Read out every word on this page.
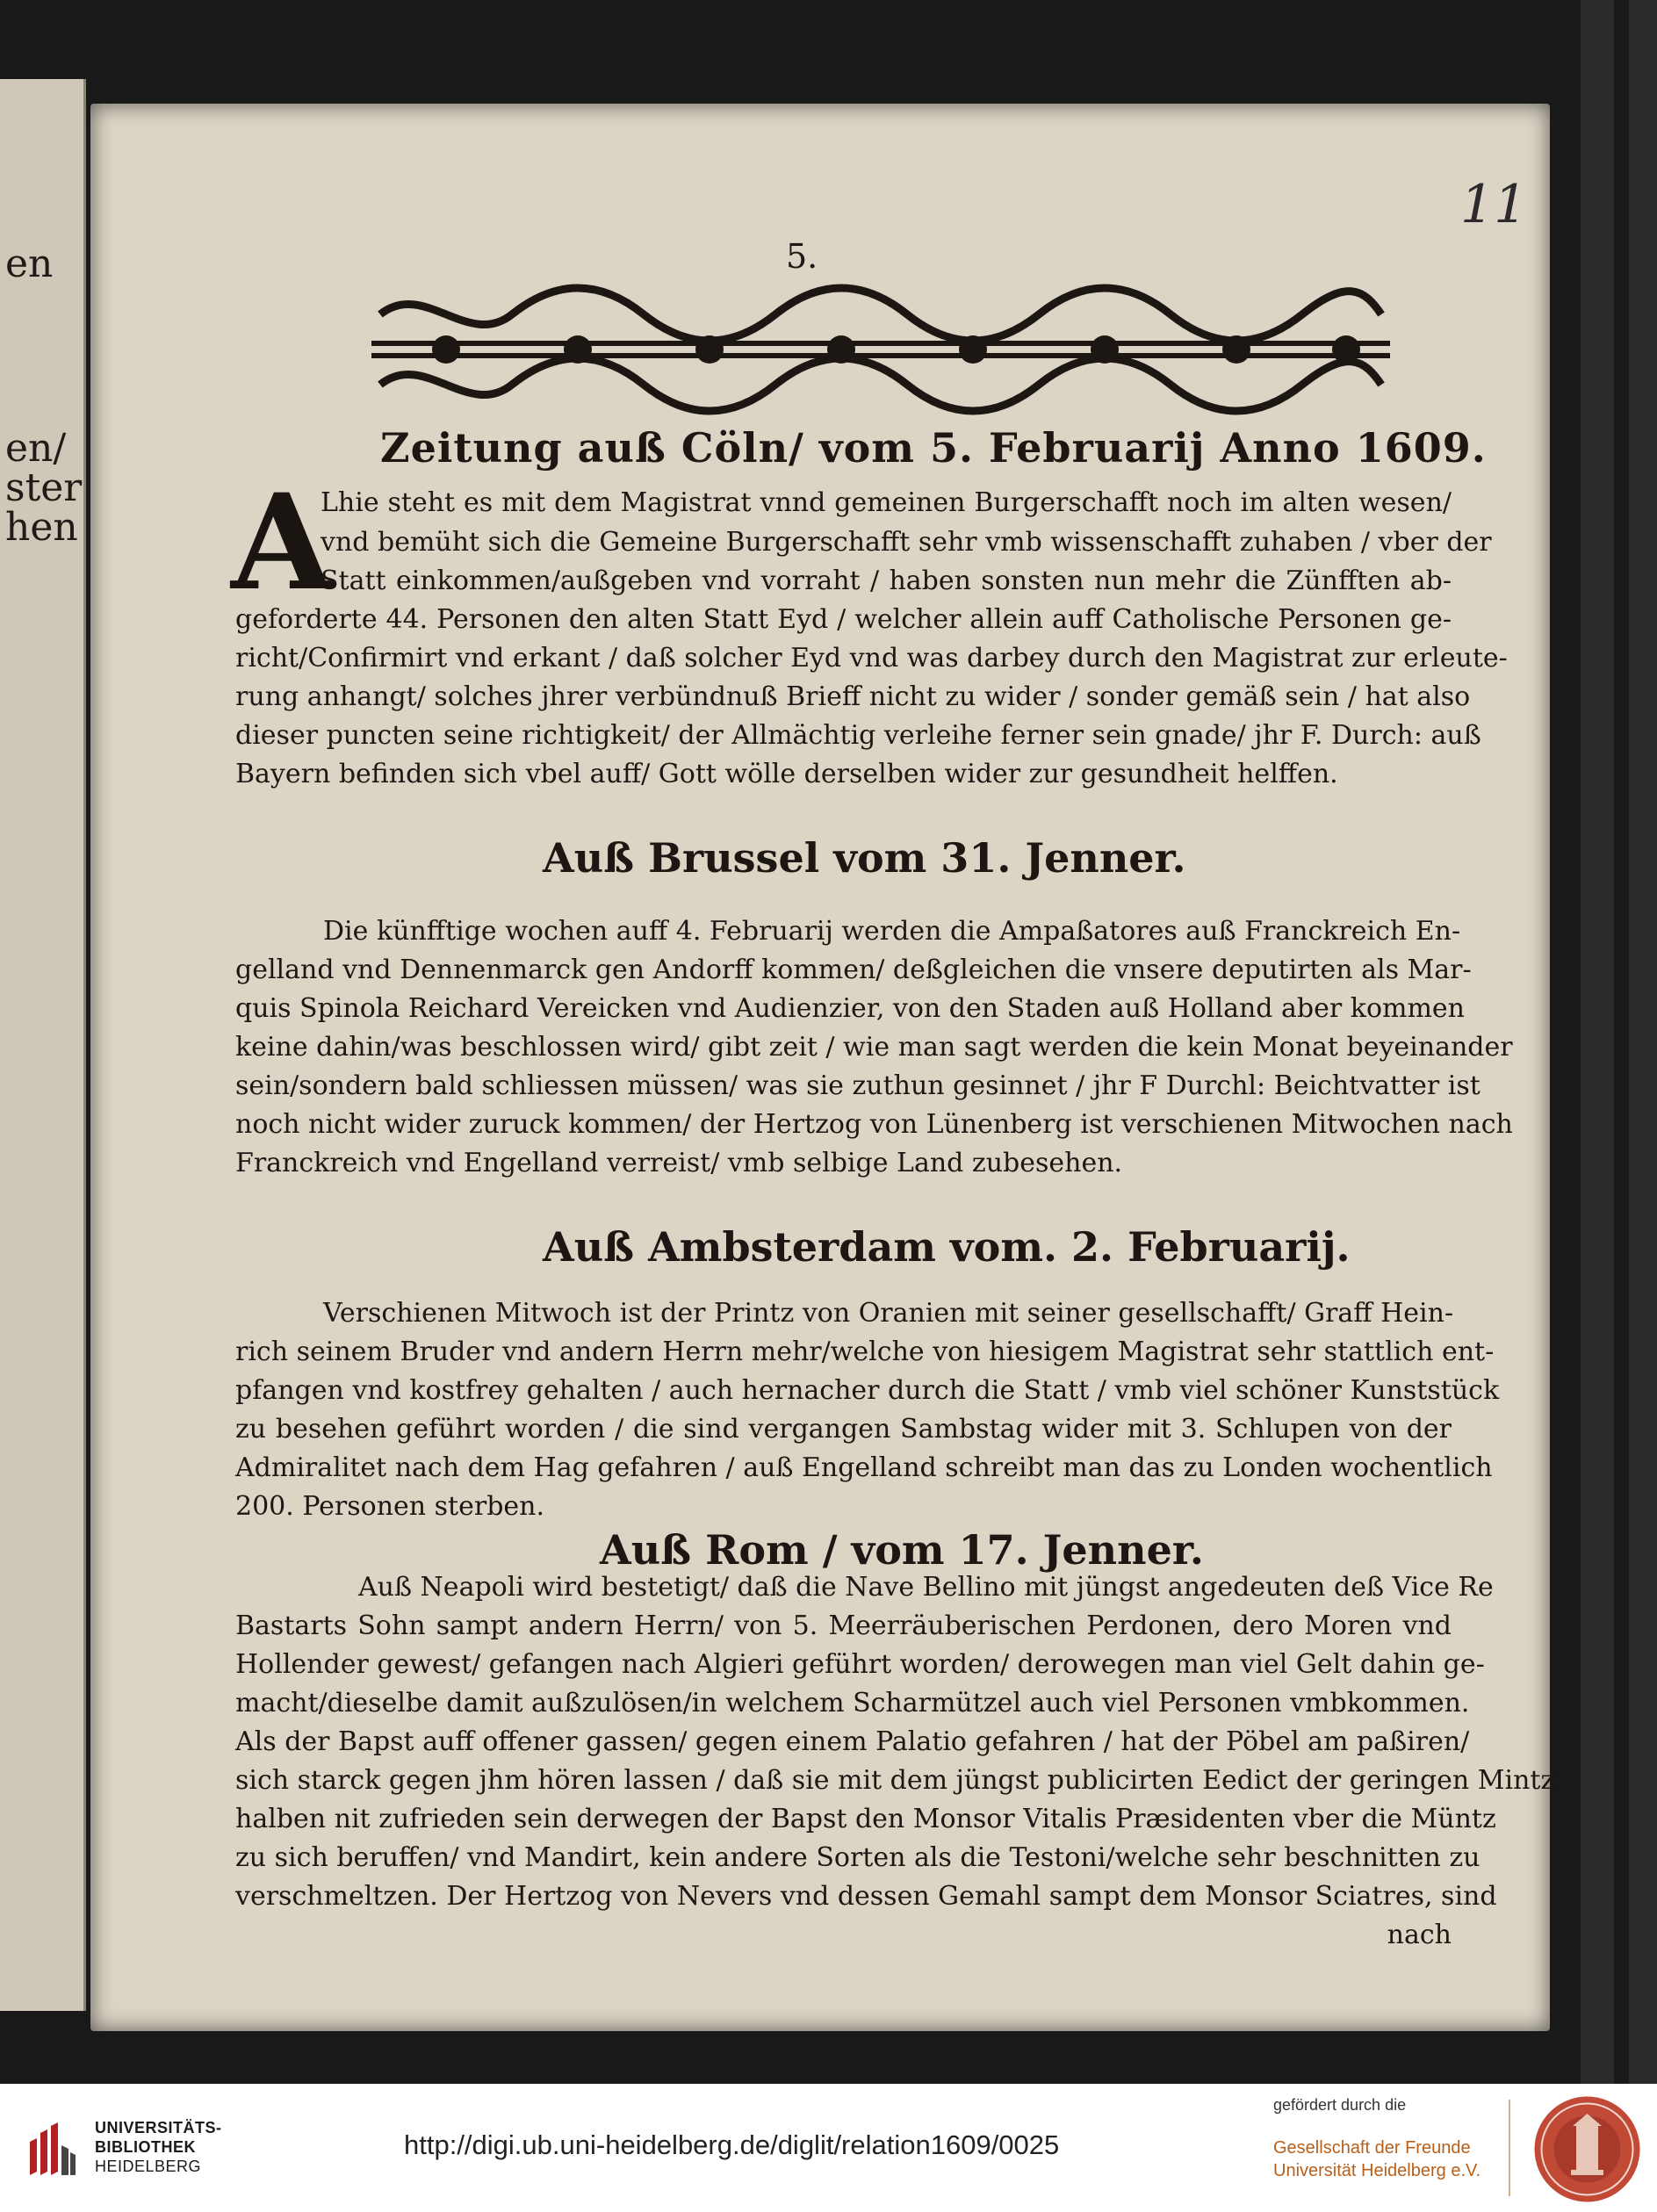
en
en/
ster
hen
11
5.
Zeitung auß Cöln/ vom 5. Februarij Anno 1609.
A
Lhie steht es mit dem Magistrat vnnd gemeinen Burgerschafft noch im alten wesen/
vnd bemüht sich die Gemeine Burgerschafft sehr vmb wissenschafft zuhaben / vber der
Statt einkommen/außgeben vnd vorraht / haben sonsten nun mehr die Zünfften ab-
geforderte 44. Personen den alten Statt Eyd / welcher allein auff Catholische Personen ge-
richt/Confirmirt vnd erkant / daß solcher Eyd vnd was darbey durch den Magistrat zur erleute-
rung anhangt/ solches jhrer verbündnuß Brieff nicht zu wider / sonder gemäß sein / hat also
dieser puncten seine richtigkeit/ der Allmächtig verleihe ferner sein gnade/ jhr F. Durch: auß
Bayern befinden sich vbel auff/ Gott wölle derselben wider zur gesundheit helffen.
Auß Brussel vom 31. Jenner.
Die künfftige wochen auff 4. Februarij werden die Ampaßatores auß Franckreich En-
gelland vnd Dennenmarck gen Andorff kommen/ deßgleichen die vnsere deputirten als Mar-
quis Spinola Reichard Vereicken vnd Audienzier, von den Staden auß Holland aber kommen
keine dahin/was beschlossen wird/ gibt zeit / wie man sagt werden die kein Monat beyeinander
sein/sondern bald schliessen müssen/ was sie zuthun gesinnet / jhr F Durchl: Beichtvatter ist
noch nicht wider zuruck kommen/ der Hertzog von Lünenberg ist verschienen Mitwochen nach
Franckreich vnd Engelland verreist/ vmb selbige Land zubesehen.
Auß Ambsterdam vom. 2. Februarij.
Verschienen Mitwoch ist der Printz von Oranien mit seiner gesellschafft/ Graff Hein-
rich seinem Bruder vnd andern Herrn mehr/welche von hiesigem Magistrat sehr stattlich ent-
pfangen vnd kostfrey gehalten / auch hernacher durch die Statt / vmb viel schöner Kunststück
zu besehen geführt worden / die sind vergangen Sambstag wider mit 3. Schlupen von der
Admiralitet nach dem Hag gefahren / auß Engelland schreibt man das zu Londen wochentlich
200. Personen sterben.
Auß Rom / vom 17. Jenner.
Auß Neapoli wird bestetigt/ daß die Nave Bellino mit jüngst angedeuten deß Vice Re
Bastarts Sohn sampt andern Herrn/ von 5. Meerräuberischen Perdonen, dero Moren vnd
Hollender gewest/ gefangen nach Algieri geführt worden/ derowegen man viel Gelt dahin ge-
macht/dieselbe damit außzulösen/in welchem Scharmützel auch viel Personen vmbkommen.
Als der Bapst auff offener gassen/ gegen einem Palatio gefahren / hat der Pöbel am paßiren/
sich starck gegen jhm hören lassen / daß sie mit dem jüngst publicirten Eedict der geringen Mintz
halben nit zufrieden sein derwegen der Bapst den Monsor Vitalis Præsidenten vber die Müntz
zu sich beruffen/ vnd Mandirt, kein andere Sorten als die Testoni/welche sehr beschnitten zu
verschmeltzen. Der Hertzog von Nevers vnd dessen Gemahl sampt dem Monsor Sciatres, sind
nach
UNIVERSITÄTS-
BIBLIOTHEK
HEIDELBERG
http://digi.ub.uni-heidelberg.de/diglit/relation1609/0025
gefördert durch die
Gesellschaft der Freunde
Universität Heidelberg e.V.
